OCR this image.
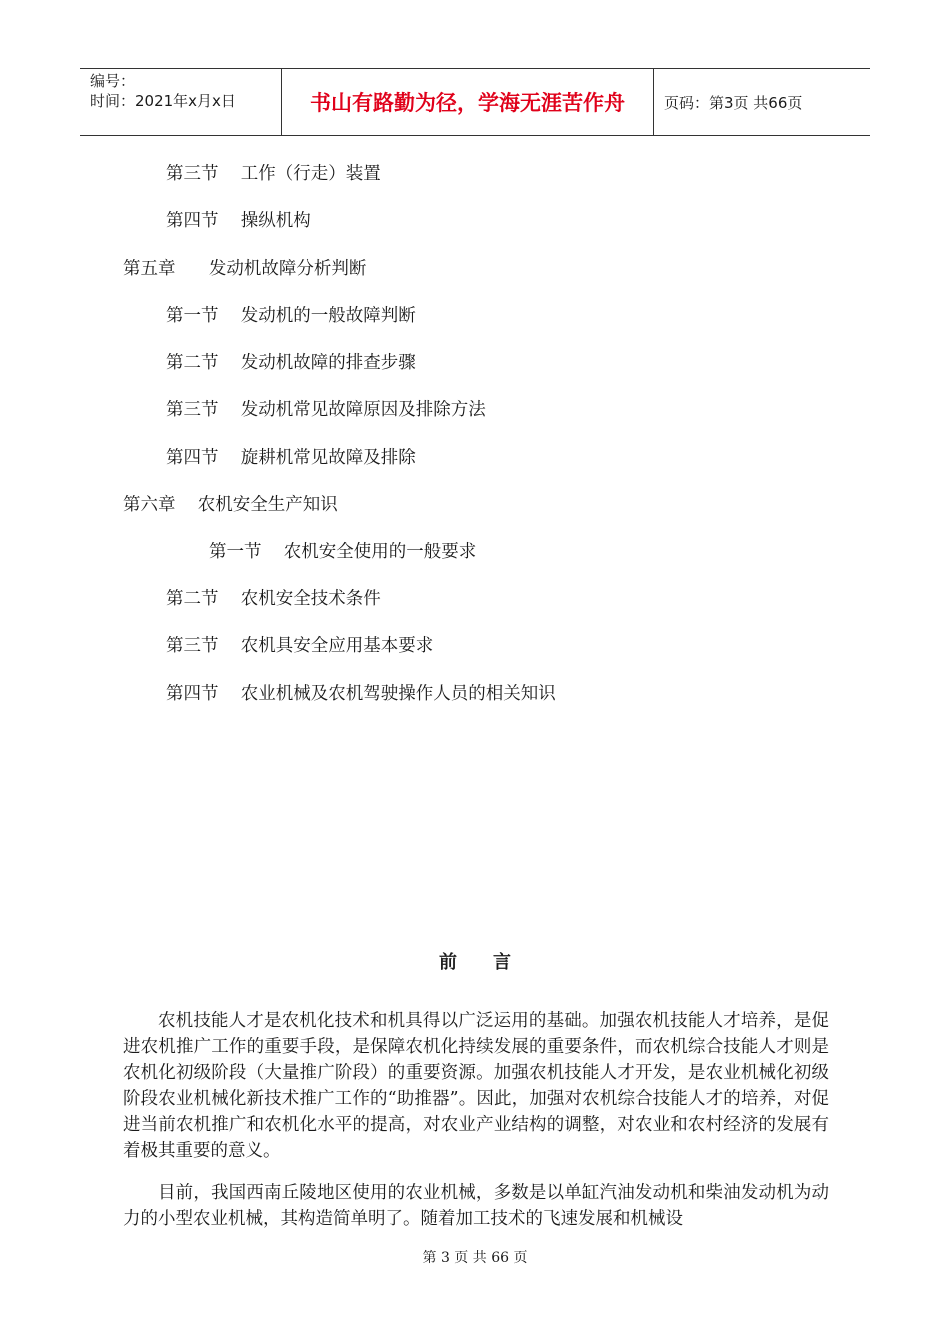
编号：
时间：2021年x月x日	书山有路勤为径，学海无涯苦作舟	页码：第3页 共66页
第三节    工作（行走）装置
第四节    操纵机构
第五章      发动机故障分析判断
第一节    发动机的一般故障判断
第二节    发动机故障的排查步骤
第三节    发动机常见故障原因及排除方法
第四节    旋耕机常见故障及排除
第六章    农机安全生产知识
第一节    农机安全使用的一般要求
第二节    农机安全技术条件
第三节    农机具安全应用基本要求
第四节    农业机械及农机驾驶操作人员的相关知识
前言
农机技能人才是农机化技术和机具得以广泛运用的基础。加强农机技能人才培养，是促进农机推广工作的重要手段，是保障农机化持续发展的重要条件，而农机综合技能人才则是农机化初级阶段（大量推广阶段）的重要资源。加强农机技能人才开发，是农业机械化初级阶段农业机械化新技术推广工作的“助推器”。因此，加强对农机综合技能人才的培养，对促进当前农机推广和农机化水平的提高，对农业产业结构的调整，对农业和农村经济的发展有着极其重要的意义。
目前，我国西南丘陵地区使用的农业机械，多数是以单缸汽油发动机和柴油发动机为动力的小型农业机械，其构造简单明了。随着加工技术的飞速发展和机械设
第 3 页 共 66 页
